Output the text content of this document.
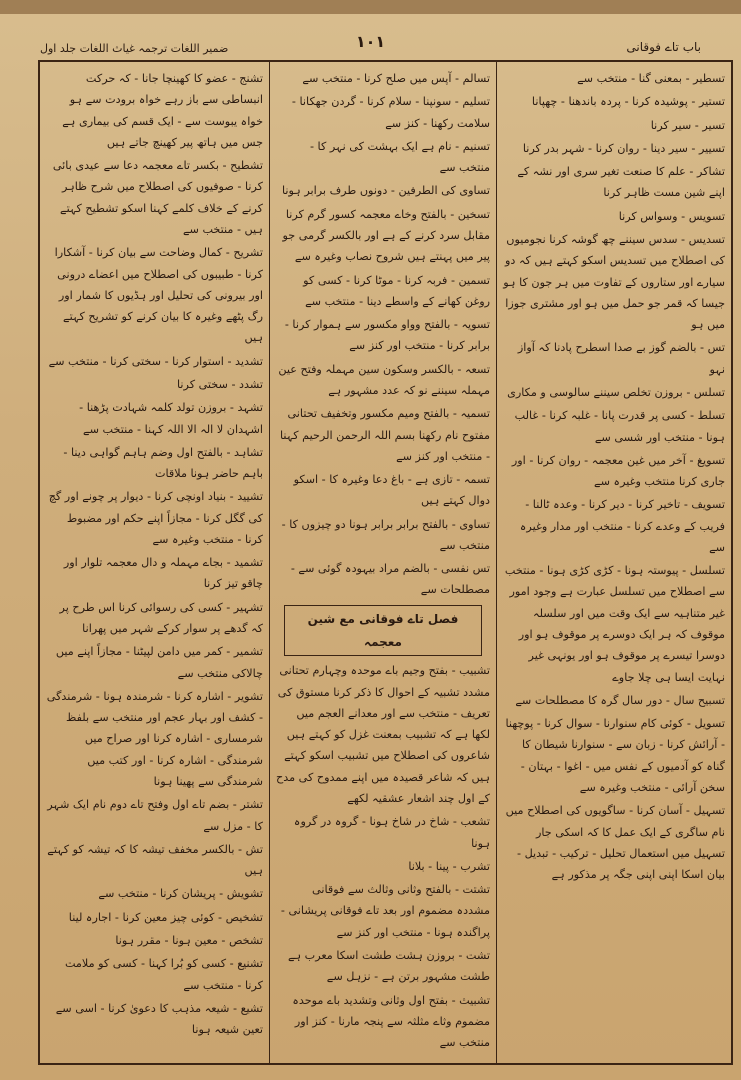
باب تاے فوقانی
١٠١
ضمیر اللغات ترجمہ غیاث اللغات جلد اول

تسطیر - بمعنی گنا - منتخب سے

تستیر - پوشیدہ کرنا - پردہ باندھنا - چھپانا

تسیر - سیر کرنا

تسییر - سیر دینا - روان کرنا - شہر بدر کرنا

تشاکر - علم کا صنعت تغیر سری اور نشہ کے اپنے شین مست ظاہر کرنا

تسویس - وسواس کرنا

تسدیس - سدس سیننے چھ گوشہ کرنا نجومیوں کی اصطلاح میں تسدیس اسکو کہتے ہیں کہ دو سیارے اور ستاروں کے تفاوت میں ہر جون کا ہو جیسا کہ قمر جو حمل میں ہو اور مشتری جوزا میں ہو

تس - بالضم گوز بے صدا اسطرح پادنا کہ آواز نہو

تسلس - بروزن تخلص سیننے سالوسی و مکاری

تسلط - کسی پر قدرت پانا - غلبہ کرنا - غالب ہونا - منتخب اور شسی سے

تسویغ - آخر میں غین معجمہ - روان کرنا - اور جاری کرنا منتخب وغیرہ سے

تسویف - تاخیر کرنا - دیر کرنا - وعدہ ٹالنا - فریب کے وعدے کرنا - منتخب اور مدار وغیرہ سے

تسلسل - پیوستہ ہونا - کڑی کڑی ہونا - منتخب سے اصطلاح میں تسلسل عبارت ہے وجود امور غیر متناہیہ سے ایک وقت میں اور سلسلہ موقوف کہ ہر ایک دوسرے پر موقوف ہو اور دوسرا تیسرے پر موقوف ہو اور یونہی غیر نہایت ایسا ہی چلا جاوے

تسبیح سال - دور سال گرہ کا مصطلحات سے

تسویل - کوئی کام سنوارنا - سوال کرنا - پوچھنا - آرائش کرنا - زبان سے - سنوارنا شیطان کا گناہ کو آدمیوں کے نفس میں - اغوا - بہتان - سخن آرائی - منتخب وغیرہ سے

تسہیل - آسان کرنا - ساگویوں کی اصطلاح میں نام ساگری کے ایک عمل کا کہ اسکی جار تسہیل میں استعمال تحلیل - ترکیب - تبدیل - بیان اسکا اپنی اپنی جگہ پر مذکور ہے

تسالم - آپس میں صلح کرنا - منتخب سے

تسلیم - سونپنا - سلام کرنا - گردن جھکانا - سلامت رکھنا - کنز سے

تسنیم - نام ہے ایک بہشت کی نہر کا - منتخب سے

تساوی کی الطرفین - دونوں طرف برابر ہونا

تسخین - بالفتح وخاے معجمہ کسور گرم کرنا مقابل سرد کرنے کے ہے اور بالکسر گرمی جو پیر میں پہنتے ہیں شروح نصاب وغیرہ سے

تسمین - فربہ کرنا - موٹا کرنا - کسی کو روغن کھانے کے واسطے دینا - منتخب سے

تسویہ - بالفتح وواو مکسور سے ہموار کرنا - برابر کرنا - منتخب اور کنز سے

تسعہ - بالکسر وسکون سین مہملہ وفتح عین مہملہ سیننے نو کہ عدد مشہور ہے

تسمیہ - بالفتح ومیم مکسور وتخفیف تحتانی مفتوح نام رکھنا بسم اللہ الرحمن الرحیم کہنا - منتخب اور کنز سے

تسمہ - تازی ہے - باغ دعا وغیرہ کا - اسکو دوال کہتے ہیں

تساوی - بالفتح برابر برابر ہونا دو چیزوں کا - منتخب سے

تس نفسی - بالضم مراد بیہودہ گوئی سے - مصطلحات سے

فصل تاے فوقانی مع شین معجمہ

تشبیب - بفتح وجیم باے موحدہ وچہارم تحتانی مشدد تشبیہ کے احوال کا ذکر کرنا مستوق کی تعریف - منتخب سے اور معدانے العجم میں لکھا ہے کہ تشبیب بمعنت غزل کو کہتے ہیں شاعروں کی اصطلاح میں تشبیب اسکو کہتے ہیں کہ شاعر قصیدہ میں اپنے ممدوح کی مدح کے اول چند اشعار عشقیہ لکھے

تشعب - شاخ در شاخ ہونا - گروہ در گروہ ہونا

تشرب - پینا - بلانا

تشتت - بالفتح وثانی وثالث سے فوقانی مشددہ مضموم اور بعد تاے فوقانی پریشانی - پراگندہ ہونا - منتخب اور کنز سے

تشت - بروزن ہشت طشت اسکا معرب ہے طشت مشہور برتن ہے - نزہل سے

تشبیث - بفتح اول وثانی وتشدید باے موحدہ مضموم وثاے مثلثہ سے پنجہ مارنا - کنز اور منتخب سے

تشنج - عضو کا کھینچا جانا - کہ حرکت انبساطی سے باز رہے خواہ برودت سے ہو خواہ یبوست سے - ایک قسم کی بیماری ہے جس میں ہاتھ پیر کھینچ جاتے ہیں

تشطیح - بکسر تاے معجمہ دعا سے عیدی بائی کرنا - صوفیوں کی اصطلاح میں شرح ظاہر کرنے کے خلاف کلمے کہنا اسکو تشطیح کہتے ہیں - منتخب سے

تشریح - کمال وضاحت سے بیان کرنا - آشکارا کرنا - طبیبوں کی اصطلاح میں اعضاے درونی اور بیرونی کی تحلیل اور ہڈیوں کا شمار اور رگ پٹھے وغیرہ کا بیان کرنے کو تشریح کہتے ہیں

تشدید - استوار کرنا - سختی کرنا - منتخب سے

تشدد - سختی کرنا

تشہد - بروزن تولد کلمہ شہادت پڑھنا - اشہدان لا الہ الا اللہ کہنا - منتخب سے

تشاہد - بالفتح اول وضم ہاہم گواہی دینا - باہم حاضر ہونا ملاقات

تشیید - بنیاد اونچی کرنا - دیوار پر چونے اور گچ کی گگل کرنا - مجازاً اپنے حکم اور مضبوط کرنا - منتخب وغیرہ سے

تشمید - بجاے مہملہ و دال معجمہ تلوار اور چاقو تیز کرنا

تشہیر - کسی کی رسوائی کرنا اس طرح پر کہ گدھے پر سوار کرکے شہر میں پھرانا

تشمیر - کمر میں دامن لپیٹنا - مجازاً اپنے میں چالاکی منتخب سے

تشویر - اشارہ کرنا - شرمندہ ہونا - شرمندگی - کشف اور بہار عجم اور منتخب سے بلفظ شرمساری - اشارہ کرنا اور صراح میں شرمندگی - اشارہ کرنا - اور کتب میں شرمندگی سے پھینا ہونا

تشتر - بضم تاے اول وفتح تاے دوم نام ایک شہر کا - مزل سے

تش - بالکسر مخفف تیشہ کا کہ تیشہ کو کہتے ہیں

تشویش - پریشان کرنا - منتخب سے

تشخیص - کوئی چیز معین کرنا - اجارہ لینا

تشخص - معین ہونا - مقرر ہونا

تشنیع - کسی کو بُرا کہنا - کسی کو ملامت کرنا - منتخب سے

تشیع - شیعہ مذہب کا دعویٰ کرنا - اسی سے تعین شیعہ ہونا
